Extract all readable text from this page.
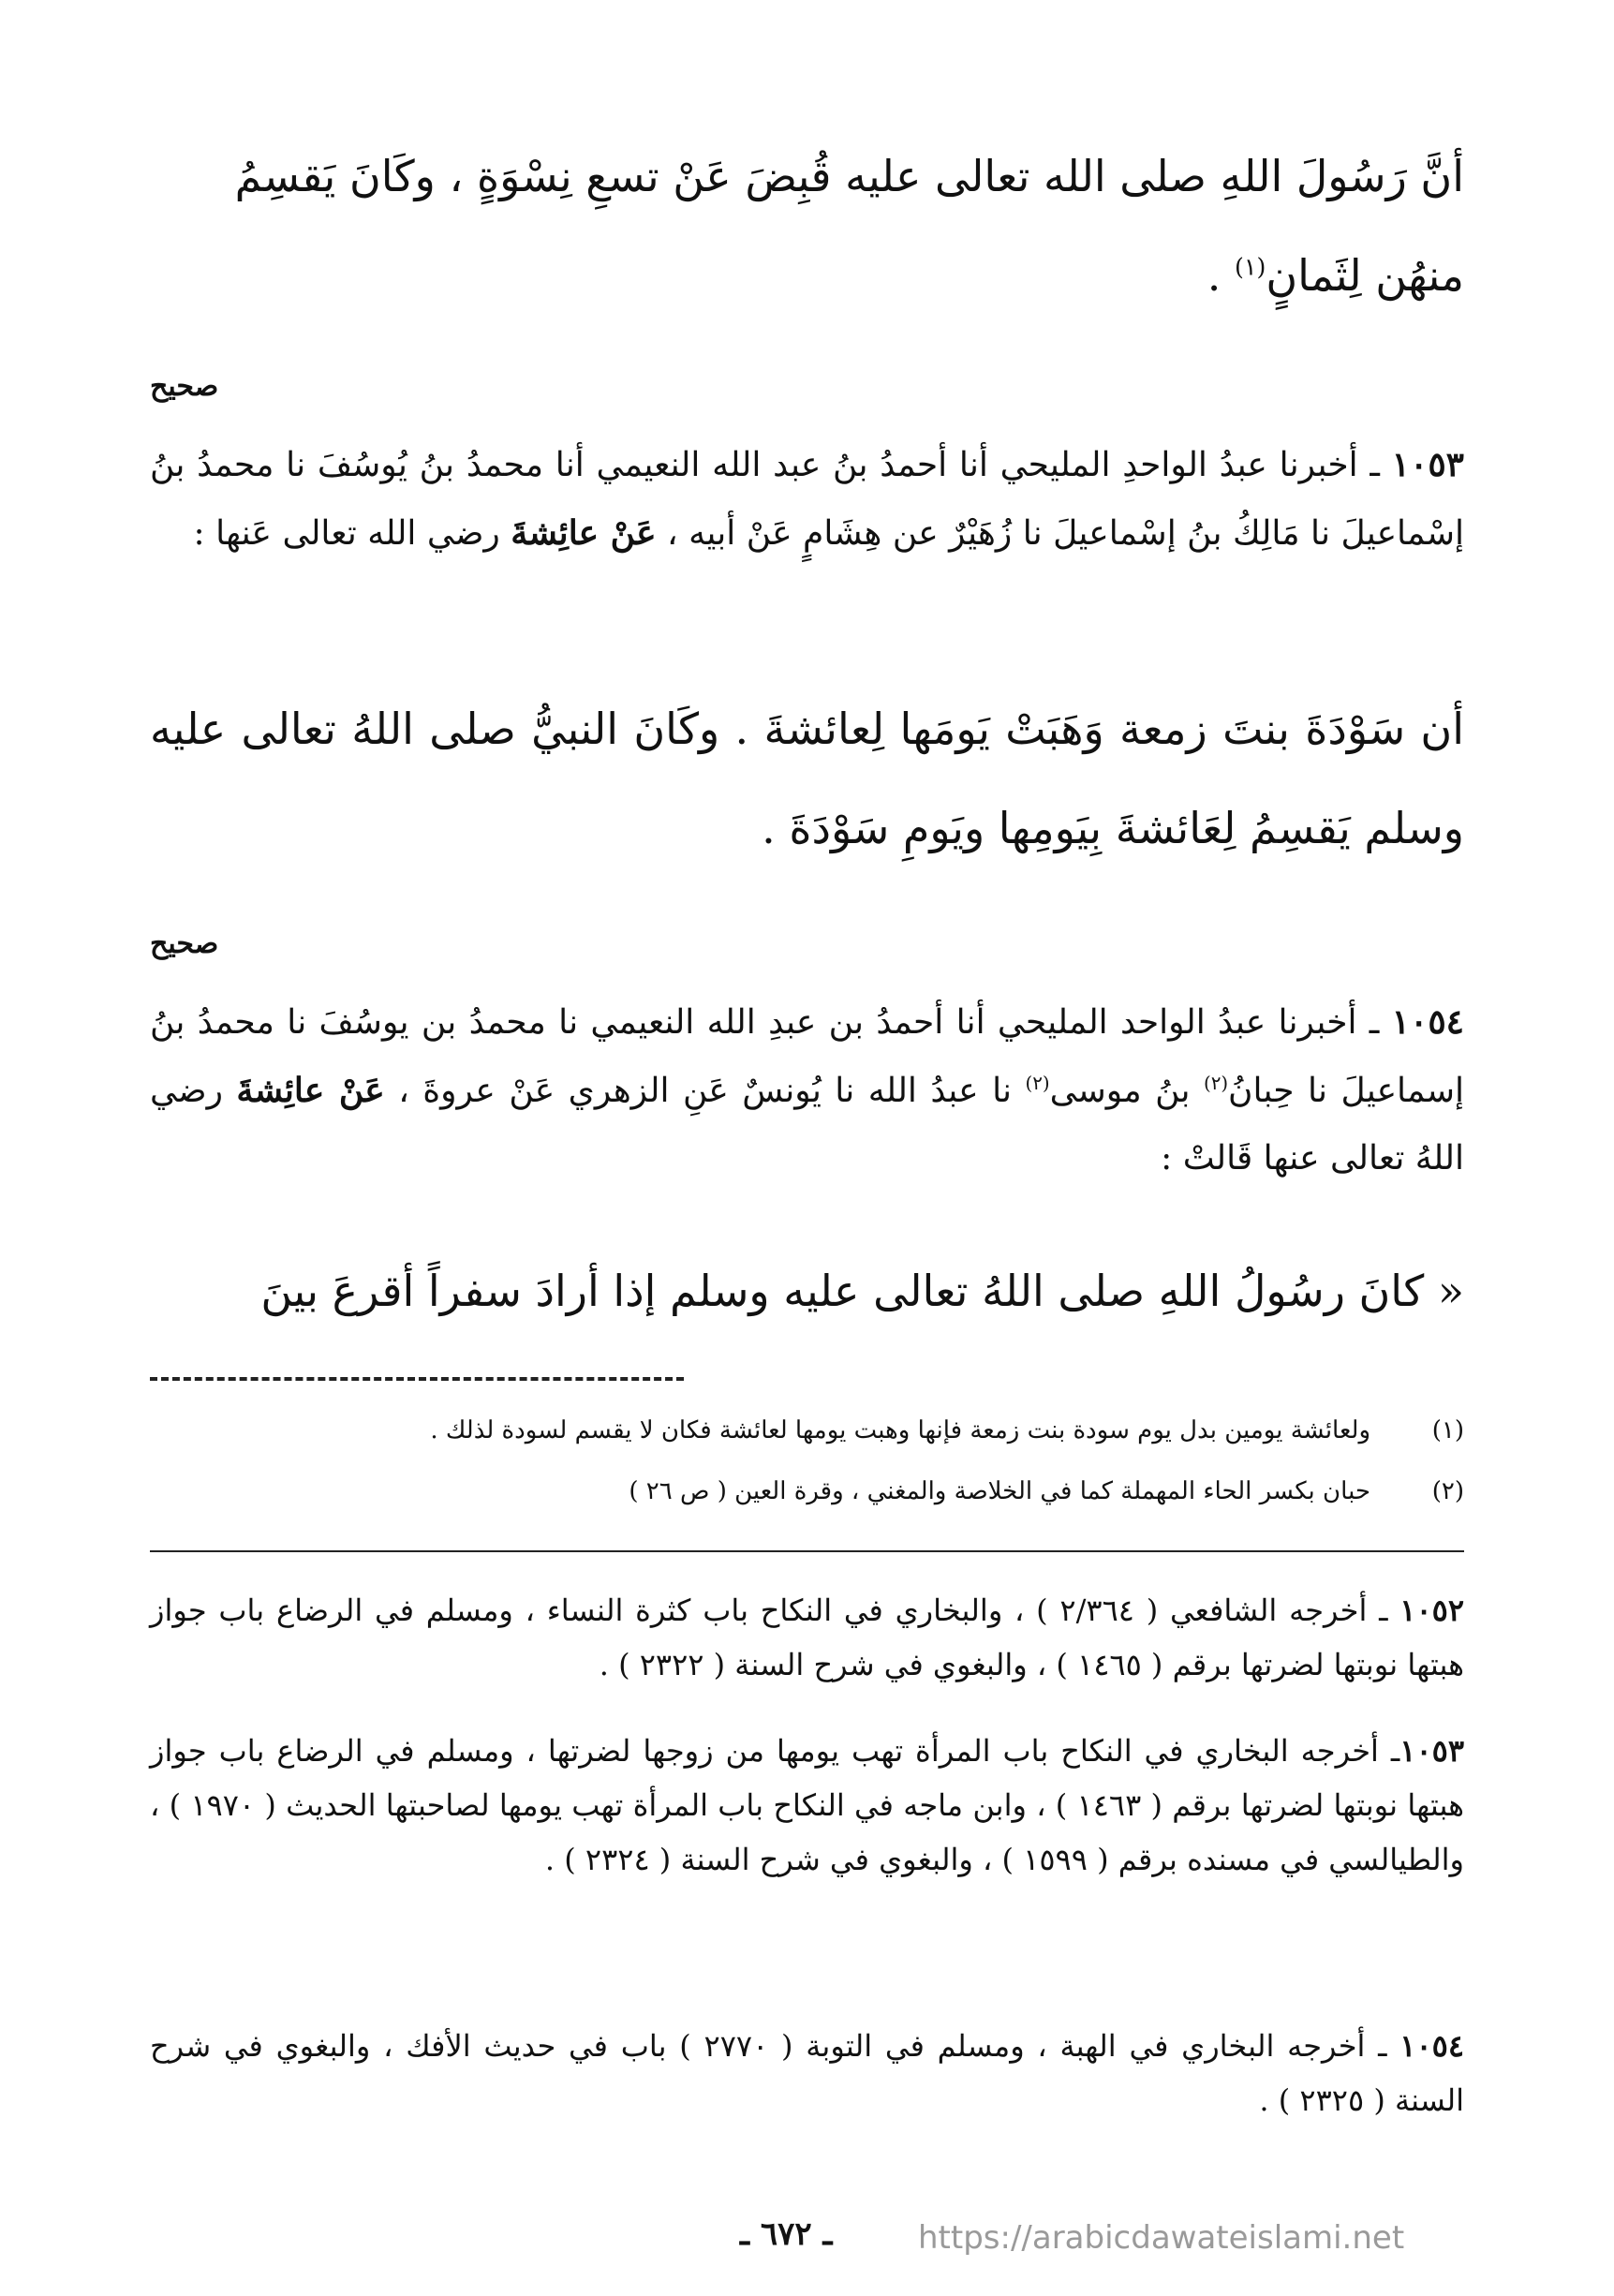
أنَّ رَسُولَ اللهِ صلى الله تعالى عليه قُبِضَ عَنْ تسعِ نِسْوَةٍ ، وكَانَ يَقسِمُ
منهُن لِثَمانٍ$^{(١)}$ .
صحيح
١٠٥٣ ـ أخبرنا عبدُ الواحدِ المليحي أنا أحمدُ بنُ عبد الله النعيمي أنا محمدُ بنُ يُوسُفَ نا محمدُ بنُ إسْماعيلَ نا مَالِكُ بنُ إسْماعيلَ نا زُهَيْرٌ عن هِشَامٍ عَنْ أبيه ، عَنْ عائِشةَ رضي الله تعالى عَنها :
أن سَوْدَةَ بنتَ زمعة وَهَبَتْ يَومَها لِعائشةَ . وكَانَ النبيُّ صلى اللهُ تعالى عليه وسلم يَقسِمُ لِعَائشةَ بِيَومِها ويَومِ سَوْدَةَ .
صحيح
١٠٥٤ ـ أخبرنا عبدُ الواحد المليحي أنا أحمدُ بن عبدِ الله النعيمي نا محمدُ بن يوسُفَ نا محمدُ بنُ إسماعيلَ نا حِبانُ$^{(٢)}$ بنُ موسى$^{(٢)}$ نا عبدُ الله نا يُونسٌ عَنِ الزهري عَنْ عروةَ ، عَنْ عائِشةَ رضي اللهُ تعالى عنها قَالتْ :
« كانَ رسُولُ اللهِ صلى اللهُ تعالى عليه وسلم إذا أرادَ سفراً أقرعَ بينَ
(١)
ولعائشة يومين بدل يوم سودة بنت زمعة فإنها وهبت يومها لعائشة فكان لا يقسم لسودة لذلك .
(٢)
حبان بكسر الحاء المهملة كما في الخلاصة والمغني ، وقرة العين ( ص ٢٦ )
١٠٥٢ ـ أخرجه الشافعي ( ٢/٣٦٤ ) ، والبخاري في النكاح باب كثرة النساء ، ومسلم في الرضاع باب جواز هبتها نوبتها لضرتها برقم ( ١٤٦٥ ) ، والبغوي في شرح السنة ( ٢٣٢٢ ) .
١٠٥٣ـ أخرجه البخاري في النكاح باب المرأة تهب يومها من زوجها لضرتها ، ومسلم في الرضاع باب جواز هبتها نوبتها لضرتها برقم ( ١٤٦٣ ) ، وابن ماجه في النكاح باب المرأة تهب يومها لصاحبتها الحديث ( ١٩٧٠ ) ، والطيالسي في مسنده برقم ( ١٥٩٩ ) ، والبغوي في شرح السنة ( ٢٣٢٤ ) .
١٠٥٤ ـ أخرجه البخاري في الهبة ، ومسلم في التوبة ( ٢٧٧٠ ) باب في حديث الأفك ، والبغوي في شرح السنة ( ٢٣٢٥ ) .
ـ ٦٧٢ ـ	https://arabicdawateislami.net
